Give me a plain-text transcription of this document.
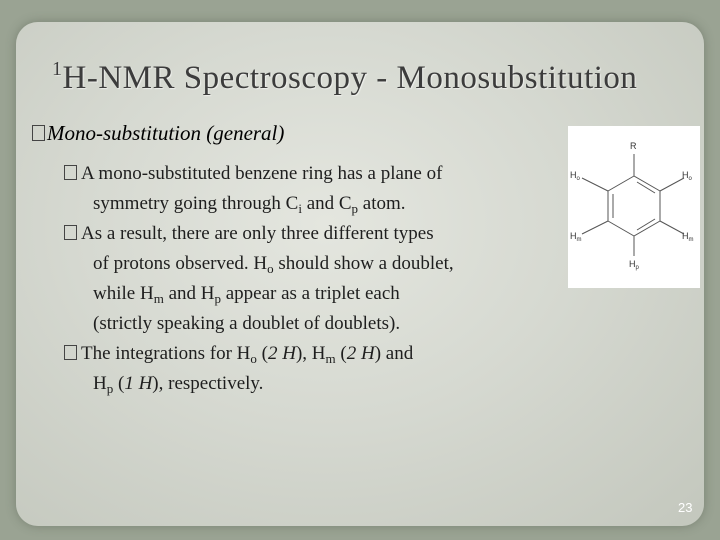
$^1$H-NMR Spectroscopy - Monosubstitution
Mono-substitution (general)
A mono-substituted benzene ring has a plane of
symmetry going through $C_i$ and $C_p$ atom.
As a result, there are only three different types
of protons observed. $H_o$ should show a doublet,
while $H_m$ and $H_p$ appear as a triplet each
(strictly speaking a doublet of doublets).
The integrations for $H_o$ (2 H), $H_m$ (2 H) and
$H_p$ (1 H), respectively.
R
$H_o$	$H_o$
$H_m$	$H_m$
$H_p$
23
